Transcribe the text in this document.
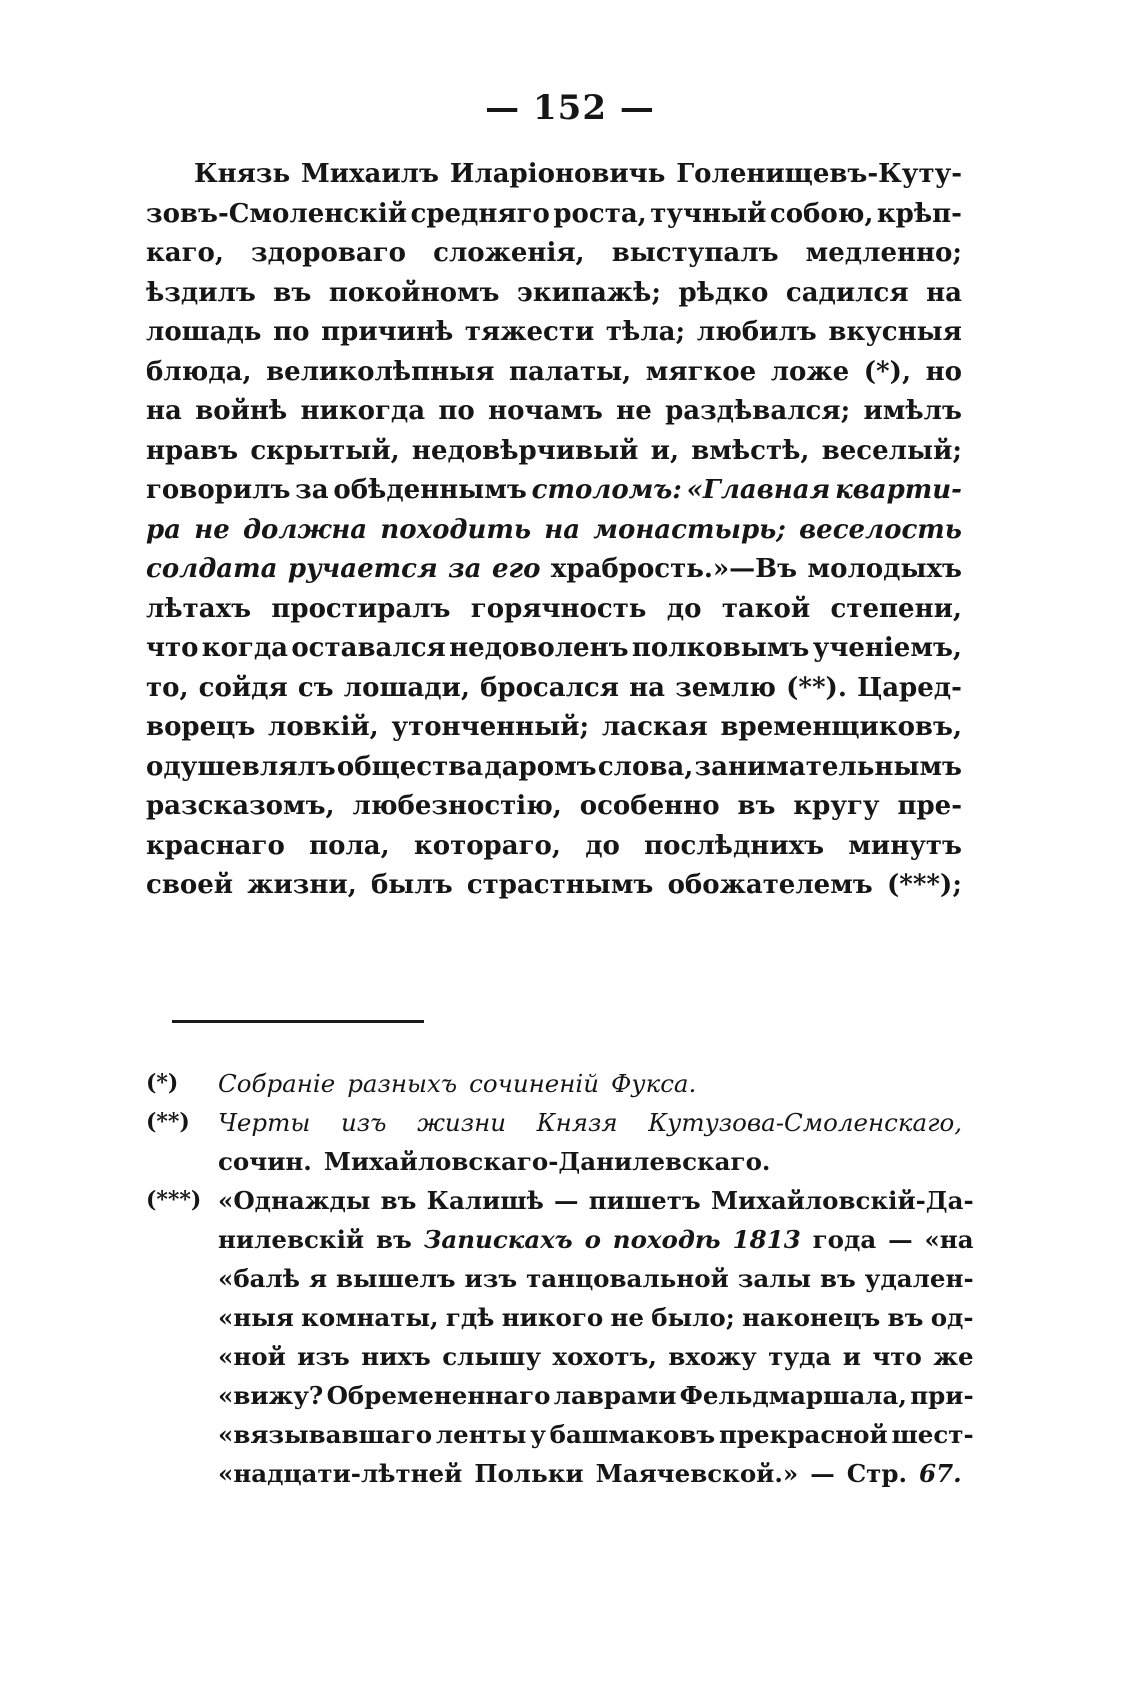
— 152 —
Князь Михаилъ Иларіоновичь Голенищевъ-Куту-
зовъ-Смоленскій средняго роста, тучный собою, крѣп-
каго, здороваго сложенія, выступалъ медленно;
ѣздилъ въ покойномъ экипажѣ; рѣдко садился на
лошадь по причинѣ тяжести тѣла; любилъ вкусныя
блюда, великолѣпныя палаты, мягкое ложе (*), но
на войнѣ никогда по ночамъ не раздѣвался; имѣлъ
нравъ скрытый, недовѣрчивый и, вмѣстѣ, веселый;
говорилъ за обѣденнымъ столомъ: «Главная кварти-
ра не должна походить на монастырь; веселость
солдата ручается за его храбрость.»—Въ молодыхъ
лѣтахъ простиралъ горячность до такой степени,
что когда оставался недоволенъ полковымъ ученіемъ,
то, сойдя съ лошади, бросался на землю (**). Царед-
ворецъ ловкій, утонченный; лаская временщиковъ,
одушевлялъ общества даромъ слова, занимательнымъ
разсказомъ, любезностію, особенно въ кругу пре-
краснаго пола, котораго, до послѣднихъ минутъ
своей жизни, былъ страстнымъ обожателемъ (***);
(*)	Собраніе разныхъ сочиненій Фукса.
(**)	Черты изъ жизни Князя Кутузова-Смоленскаго,
сочин. Михайловскаго-Данилевскаго.
(***) «Однажды въ Калишѣ — пишетъ Михайловскій-Да-
нилевскій въ Запискахъ о походѣ 1813 года — «на
«балѣ я вышелъ изъ танцовальной залы въ удален-
«ныя комнаты, гдѣ никого не было; наконецъ въ од-
«ной изъ нихъ слышу хохотъ, вхожу туда и что же
«вижу? Обремененнаго лаврами Фельдмаршала, при-
«вязывавшаго ленты у башмаковъ прекрасной шест-
«надцати-лѣтней Польки Маячевской.» — Стр. 67.
